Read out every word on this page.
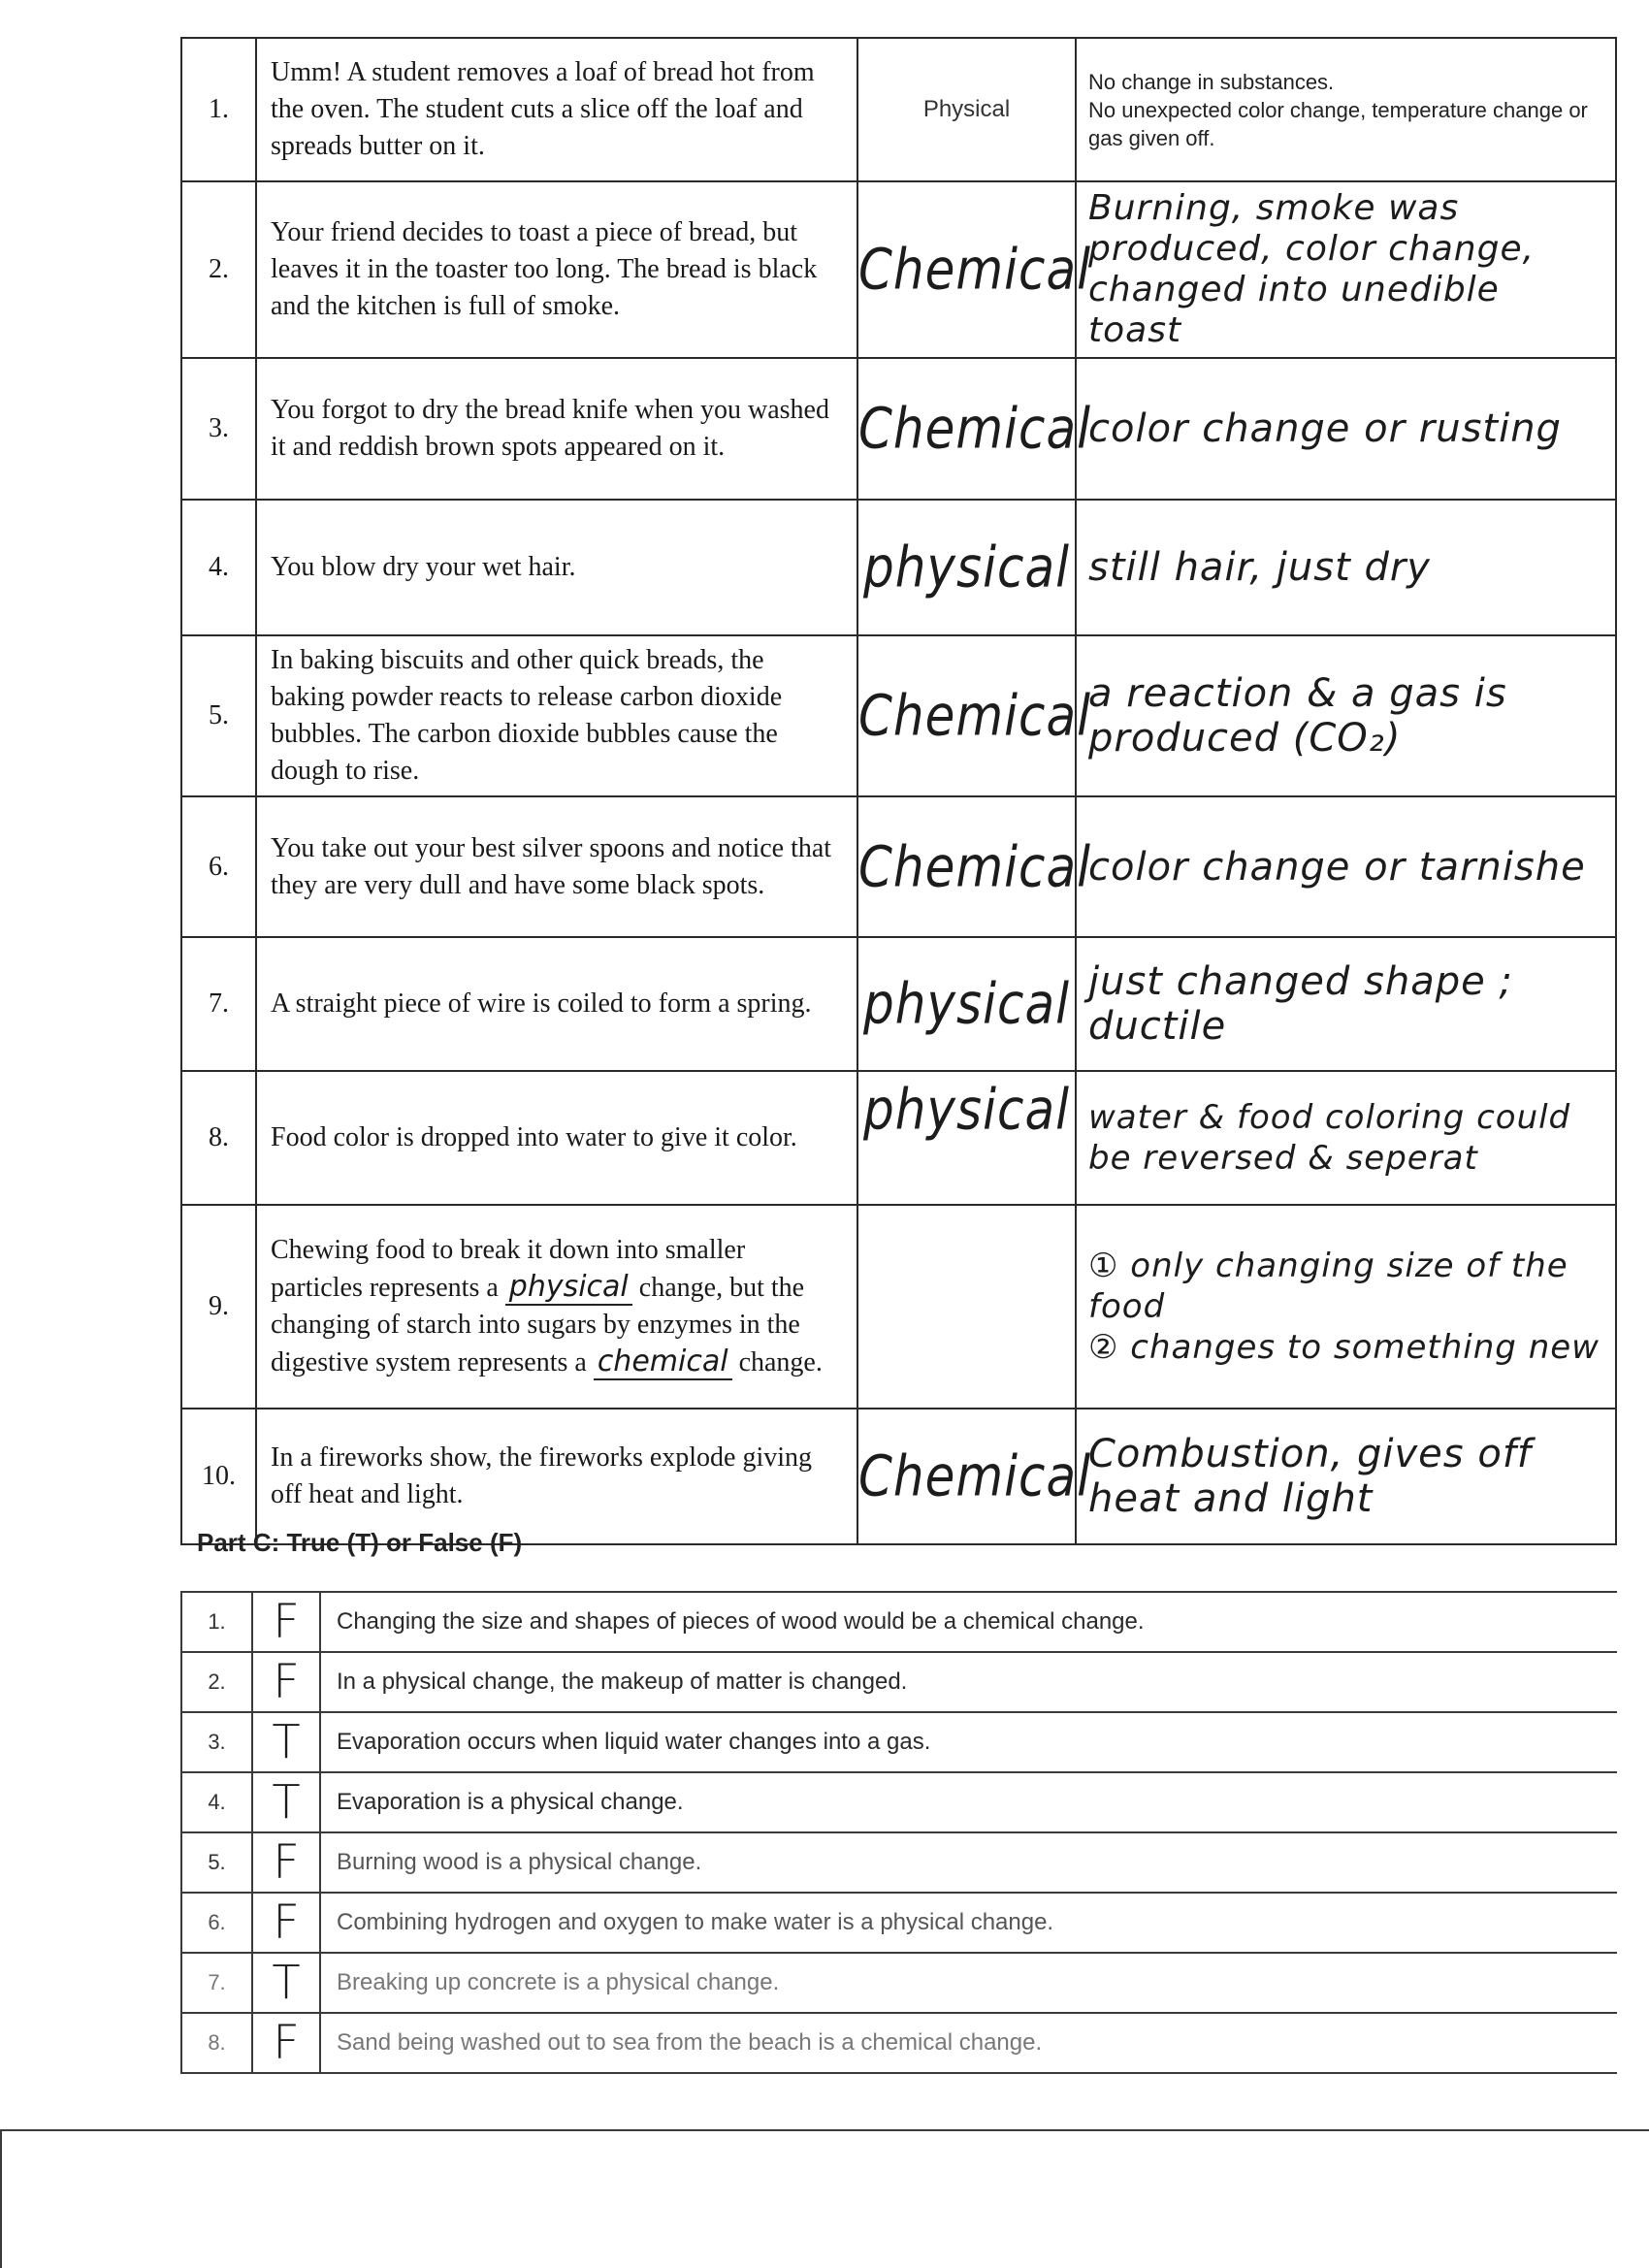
1.	Umm! A student removes a loaf of bread hot from the oven. The student cuts a slice off the loaf and spreads butter on it.	Physical	No change in substances.
No unexpected color change, temperature change or gas given off.

2.	Your friend decides to toast a piece of bread, but leaves it in the toaster too long. The bread is black and the kitchen is full of smoke.	Chemical	Burning, smoke was produced, color change, changed into unedible toast

3.	You forgot to dry the bread knife when you washed it and reddish brown spots appeared on it.	Chemical	color change or rusting

4.	You blow dry your wet hair.	physical	still hair, just dry

5.	In baking biscuits and other quick breads, the baking powder reacts to release carbon dioxide bubbles. The carbon dioxide bubbles cause the dough to rise.	Chemical	a reaction & a gas is produced (CO₂)

6.	You take out your best silver spoons and notice that they are very dull and have some black spots.	Chemical	color change or tarnishe

7.	A straight piece of wire is coiled to form a spring.	physical	just changed shape ; ductile

8.	Food color is dropped into water to give it color.	physical	water & food coloring could be reversed & seperat

9.	Chewing food to break it down into smaller particles represents a physical change, but the changing of starch into sugars by enzymes in the digestive system represents a chemical change.		① only changing size of the food
② changes to something new

10.	In a fireworks show, the fireworks explode giving off heat and light.	Chemical	Combustion, gives off heat and light
Part C: True (T) or False (F)
1.	F	Changing the size and shapes of pieces of wood would be a chemical change.
2.	F	In a physical change, the makeup of matter is changed.
3.	T	Evaporation occurs when liquid water changes into a gas.
4.	T	Evaporation is a physical change.
5.	F	Burning wood is a physical change.
6.	F	Combining hydrogen and oxygen to make water is a physical change.
7.	T	Breaking up concrete is a physical change.
8.	F	Sand being washed out to sea from the beach is a chemical change.
